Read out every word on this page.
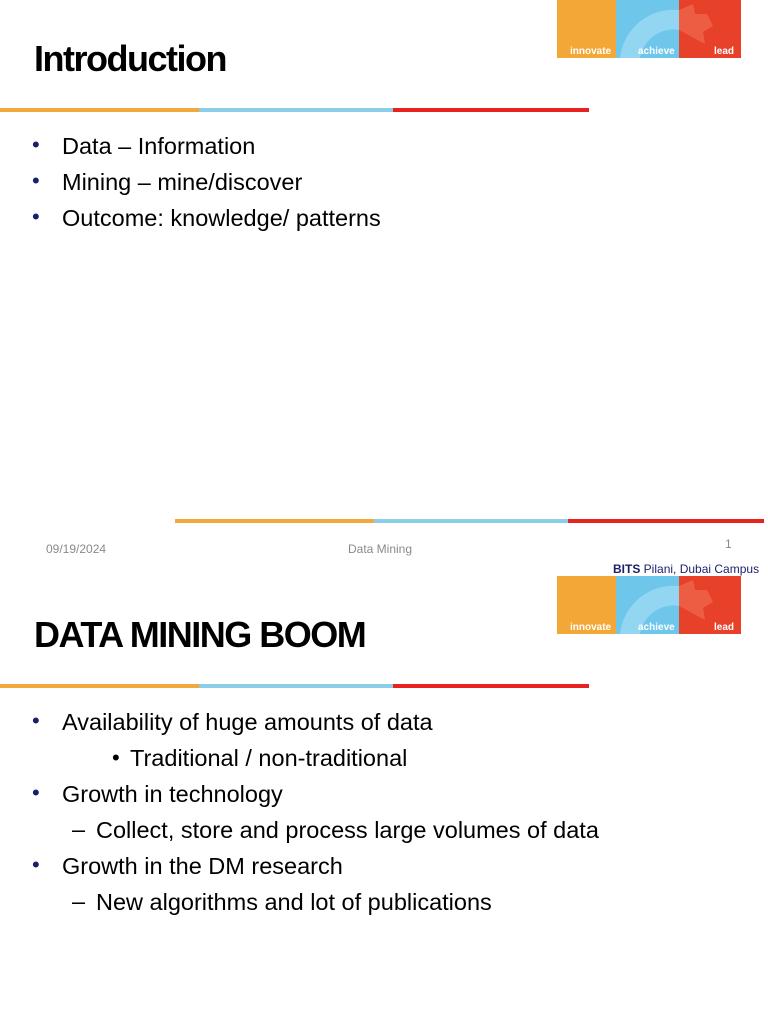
innovate	achieve	lead
Introduction
• Data – Information
• Mining – mine/discover
• Outcome: knowledge/ patterns
09/19/2024	Data Mining	1
BITS Pilani, Dubai Campus
innovate	achieve	lead
DATA MINING BOOM
• Availability of huge amounts of data
• Traditional / non-traditional
• Growth in technology
– Collect, store and process large volumes of data
• Growth in the DM research
– New algorithms and lot of publications
